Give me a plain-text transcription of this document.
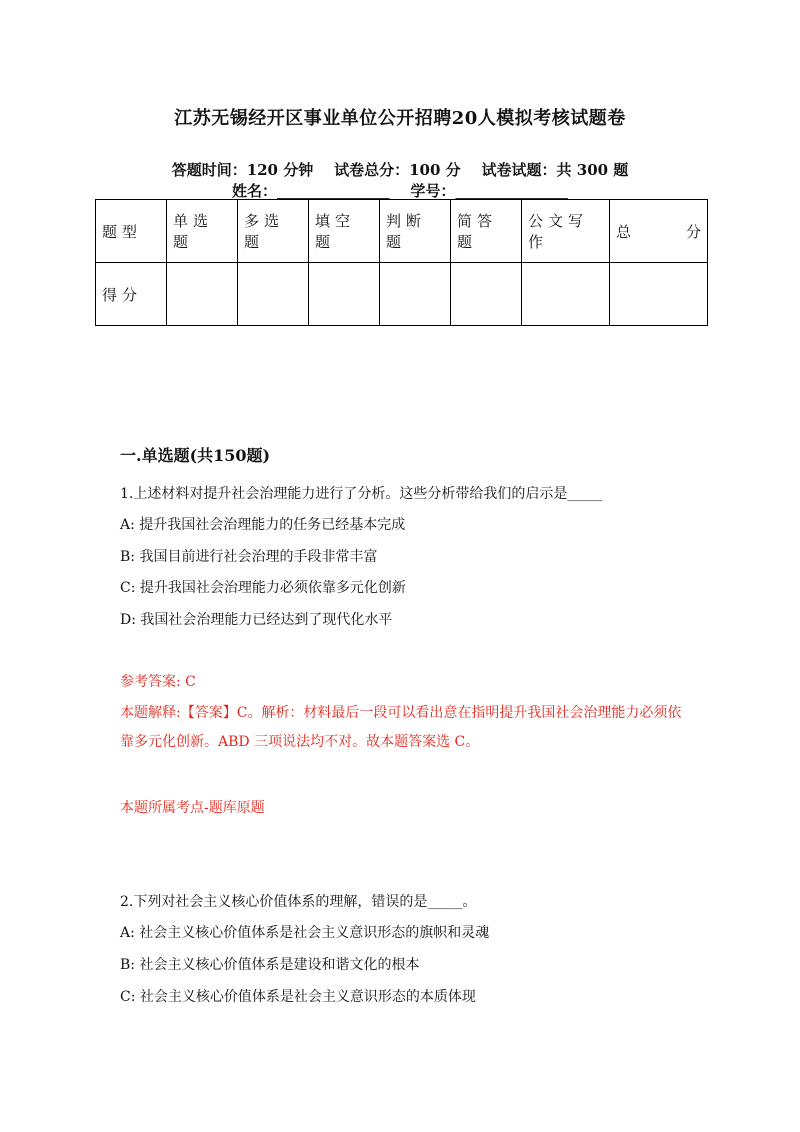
江苏无锡经开区事业单位公开招聘20人模拟考核试题卷
答题时间：120 分钟    试卷总分：100 分    试卷试题：共 300 题
姓名：_______________    学号：_______________
题型	单选题	多选题	填空题	判断题	简答题	公文写作	总 分

得分							
一.单选题(共150题)
1.上述材料对提升社会治理能力进行了分析。这些分析带给我们的启示是_____
A: 提升我国社会治理能力的任务已经基本完成
B: 我国目前进行社会治理的手段非常丰富
C: 提升我国社会治理能力必须依靠多元化创新
D: 我国社会治理能力已经达到了现代化水平
参考答案: C
本题解释:【答案】C。解析：材料最后一段可以看出意在指明提升我国社会治理能力必须依靠多元化创新。ABD 三项说法均不对。故本题答案选 C。
本题所属考点-题库原题
2.下列对社会主义核心价值体系的理解，错误的是_____。
A: 社会主义核心价值体系是社会主义意识形态的旗帜和灵魂
B: 社会主义核心价值体系是建设和谐文化的根本
C: 社会主义核心价值体系是社会主义意识形态的本质体现
